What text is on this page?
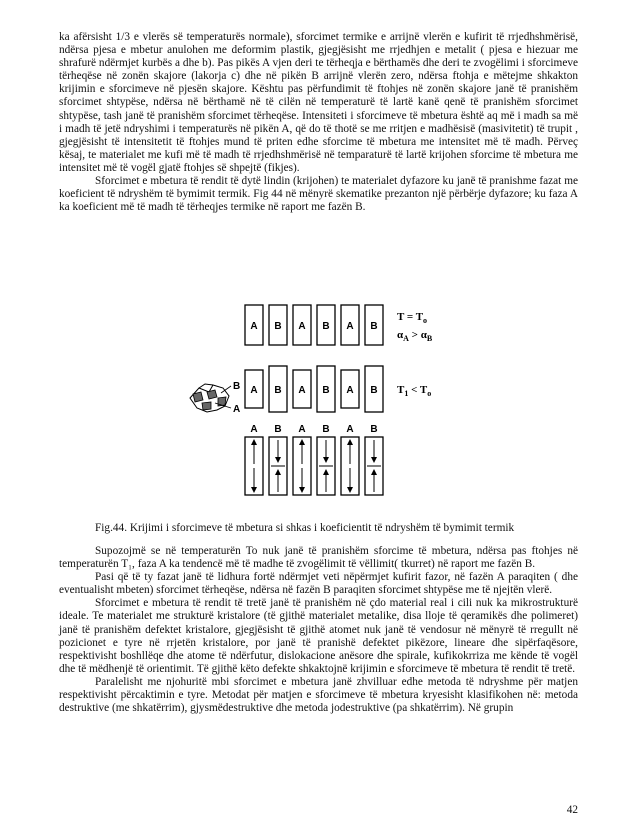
ka afërsisht 1/3 e vlerës së temperaturës normale), sforcimet termike e arrijnë vlerën e kufirit të rrjedhshmërisë, ndërsa pjesa e mbetur anulohen me deformim plastik, gjegjësisht me rrjedhjen e metalit ( pjesa e hiezuar me shrafurë ndërmjet kurbës a dhe b). Pas pikës A vjen deri te tërheqja e bërthamës dhe deri te zvogëlimi i sforcimeve tërheqëse në zonën skajore (lakorja c) dhe në pikën B arrijnë vlerën zero, ndërsa ftohja e mëtejme shkakton krijimin e sforcimeve në pjesën skajore. Kështu pas përfundimit të ftohjes në zonën skajore janë të pranishëm sforcimet shtypëse, ndërsa në bërthamë në të cilën në temperaturë të lartë kanë qenë të pranishëm sforcimet shtypëse, tash janë të pranishëm sforcimet tërheqëse. Intensiteti i sforcimeve të mbetura është aq më i madh sa më i madh të jetë ndryshimi i temperaturës në pikën A, që do të thotë se me rritjen e madhësisë (masivitetit) të trupit , gjegjësisht të intensitetit të ftohjes mund të priten edhe sforcime të mbetura me intensitet më të madh. Përveç kësaj, te materialet me kufi më të madh të rrjedhshmërisë në temparaturë të lartë krijohen sforcime të mbetura me intensitet më të vogël gjatë ftohjes së shpejtë (fikjes).

Sforcimet e mbetura të rendit të dytë lindin (krijohen) te materialet dyfazore ku janë të pranishme fazat me koeficient të ndryshëm të bymimit termik. Fig 44 në mënyrë skematike prezanton një përbërje dyfazore; ku faza A ka koeficient më të madh të tërheqjes termike në raport me fazën B.

A B A B A B
$T = T_o$
$\alpha_A > \alpha_B$
B
A
A B A B A B $T_1 < T_o$
A B A B A B
Fig.44. Krijimi i sforcimeve të mbetura si shkas i koeficientit të ndryshëm të bymimit termik

Supozojmë se në temperaturën To nuk janë të pranishëm sforcime të mbetura, ndërsa pas ftohjes në temperaturën T₁, faza A ka tendencë më të madhe të zvogëlimit të vëllimit( tkurret) në raport me fazën B.

Pasi që të ty fazat janë të lidhura fortë ndërmjet veti nëpërmjet kufirit fazor, në fazën A paraqiten ( dhe eventualisht mbeten) sforcimet tërheqëse, ndërsa në fazën B paraqiten sforcimet shtypëse me të njejtën vlerë.

Sforcimet e mbetura të rendit të tretë janë të pranishëm në çdo material real i cili nuk ka mikrostrukturë ideale. Te materialet me strukturë kristalore (të gjithë materialet metalike, disa lloje të qeramikës dhe polimeret) janë të pranishëm defektet kristalore, gjegjësisht të gjithë atomet nuk janë të vendosur në mënyrë të rregullt në pozicionet e tyre në rrjetën kristalore, por janë të pranishë defektet pikëzore, lineare dhe sipërfaqësore, respektivisht boshllëqe dhe atome të ndërfutur, dislokacione anësore dhe spirale, kufikokrriza me kënde të vogël dhe të mëdhenjë të orientimit. Të gjithë këto defekte shkaktojnë krijimin e sforcimeve të mbetura të rendit të tretë.

Paralelisht me njohuritë mbi sforcimet e mbetura janë zhvilluar edhe metoda të ndryshme për matjen respektivisht përcaktimin e tyre. Metodat për matjen e sforcimeve të mbetura kryesisht klasifikohen në: metoda destruktive (me shkatërrim), gjysmëdestruktive dhe metoda jodestruktive (pa shkatërrim). Në grupin

42
